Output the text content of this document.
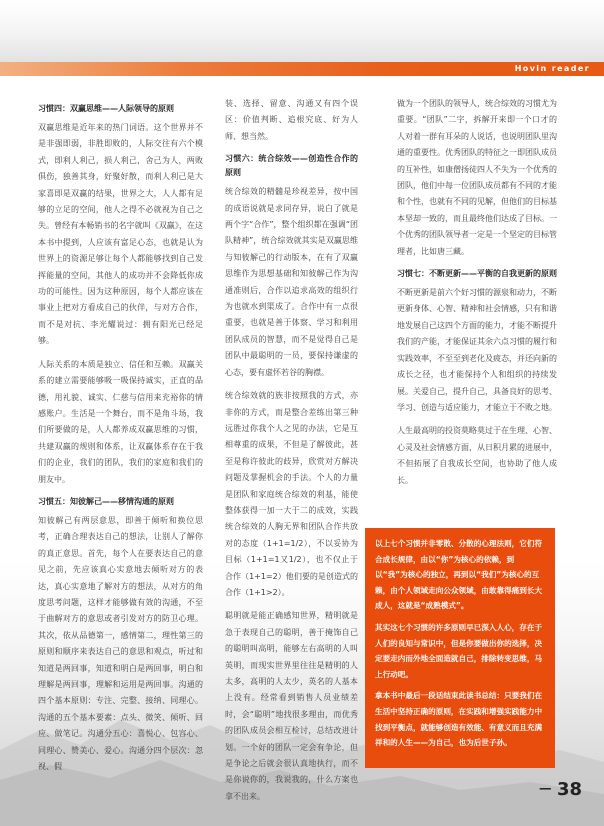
Hovin reader
习惯四：双赢思维——人际领导的原则

双赢思维是近年来的热门词语。这个世界并不是非强即弱，非胜即败的，人际交往有六个模式，即利人利己，损人利己，舍己为人，两败俱伤，独善其身，好聚好散，而利人利己是大家喜即是双赢的结果，世界之大，人人都有足够的立足的空间，他人之得不必就视为自己之失。曾经有本畅销书的名字就叫《双赢》，在这本书中提到，人应该有富足心态，也就是认为世界上的资源足够让每个人都能够找到自己发挥能量的空间，其他人的成功并不会降低你成功的可能性。因为这种原因，每个人都应该在事业上把对方看成自己的伙伴，与对方合作，而不是对抗、李光耀说过：拥有阳光已经足够。

人际关系的本质是独立、信任和互赖。双赢关系的建立需要能够吸一吸保持诚实，正直的品德，用礼貌、诚实、仁慈与信用来充裕你的情感账户。生活是一个舞台，而不是角斗场，我们所要做的是，人人都养成双赢思维的习惯，共建双赢的规则和体系，让双赢体系存在于我们的企业，我们的团队，我们的家庭和我们的朋友中。

习惯五：知彼解己——移情沟通的原则

知彼解己有两层意思，即善于倾听和换位思考，正确合理表达自己的想法，让别人了解你的真正意思。首先，每个人在要表达自己的意见之前，先应该真心实意地去倾听对方的表达，真心实意地了解对方的想法，从对方的角度思考问题，这样才能够做有效的沟通，不至于曲解对方的意思或者引发对方的防卫心理。其次，依从品德第一，感情第二，理性第三的原则和顺序来表达自己的意思和观点，听过和知道是两回事，知道和明白是两回事，明白和理解是两回事，理解和运用是两回事。沟通的四个基本原则：专注、完整、接纳、同理心。沟通的五个基本要素：点头、微笑、倾听、回应、做笔记。沟通分五心：喜悦心、包容心、同理心、赞美心、爱心。沟通分四个层次：忽视、假

装、选择、留意、沟通又有四个误区：价值判断、追根究底、好为人师、想当然。

习惯六：统合综效——创造性合作的原则

统合综效的精髓是珍视差异，按中国的成语说就是求同存异，说白了就是两个字“合作”，整个组织都在强调“团队精神”，统合综效就其实是双赢思维与知彼解己的行动版本，在有了双赢思维作为思想基础和知彼解己作为沟通准则后，合作以追求高效的组织行为也就水到渠成了。合作中有一点很重要，也就是善于体察、学习和利用团队成员的智慧，而不是觉得自己是团队中最聪明的一员，要保持谦虚的心态，要有虚怀若谷的胸襟。

统合综效就的族非按照我的方式，亦非你的方式，而是整合差练出第三种远胜过你我个人之见的办法，它是互相尊重的成果，不但是了解彼此，甚至是称许彼此的歧异，欣赏对方解决问题及掌握机会的手法。个人的力量是团队和家庭统合综效的利基，能使整体获得一加一大于二的成效，实践统合综效的人胸无界和团队合作共放对的态度（1+1=1/2），不以妥协为目标（1+1=1又1/2），也不仅止于合作（1+1=2）他们要的是创造式的合作（1+1>2）。

聪明就是能正确感知世界，精明就是急于表现自己的聪明，善于掩饰自己的聪明叫高明，能够左右高明的人叫英明，而现实世界里往往是精明的人太多，高明的人太少，英名的人基本上没有。经常看到销售人员业绩差时，会“聪明”地找很多理由，而优秀的团队成员会相互检讨，总结改进计划。一个好的团队一定会有争论，但是争论之后就会很认真地执行，而不是你说你的，我说我的，什么方案也拿不出来。

做为一个团队的领导人，统合综效的习惯尤为重要。“团队”二字，拆解开来即一个口才的人对着一群有耳朵的人说话，也说明团队里沟通的重要性。优秀团队的特征之一即团队成员的互补性，如康僧扬徒四人不失为一个优秀的团队，他们中每一位团队成员都有不同的才能和个性，也就有不同的见解，但他们的目标基本坚却一致的，而且最终他们达成了目标。一个优秀的团队领导者一定是一个坚定的目标管理者，比如唐三藏。

习惯七：不断更新——平衡的自我更新的原则

不断更新是前六个好习惯的源泉和动力，不断更新身体、心智、精神和社会情感，只有和谐地发展自己这四个方面的能力，才能不断提升我们的产能，才能保证其余六点习惯的履行和实践效率，不至至到老化及疲态，并还向新的成长之径，也才能保持个人和组织的持续发展。关爱自己，提升自己，具备良好的思考、学习、创造与适应能力，才能立于不败之地。

人生最高明的投资莫略莫过于在生理、心智、心灵及社会情感方面，从日积月累的进展中，不但拓展了自我成长空间，也协助了他人成长。

以上七个习惯并非零散、分散的心理法则，它们符合成长规律，由以“你”为核心的依赖，到以“我”为核心的独立，再到以“我们”为核心的互赖，由个人领域走向公众领域，由敢靠得痛到长大成人，这就是“成熟模式”。

其实这七个习惯的许多原则早已深入人心，存在于人们的良知与常识中，但是你要做出你的选择，决定要走内而外地全面造就自己，排除转变思维，马上行动吧。

拿本书中最后一段话结束此读书总结：只要我们在生活中坚持正确的原则，在实践和增强实践能力中找到平衡点，就能够创造有效能、有意义而且充满祥和的人生——为自己，也为后世子孙。

─ 38
